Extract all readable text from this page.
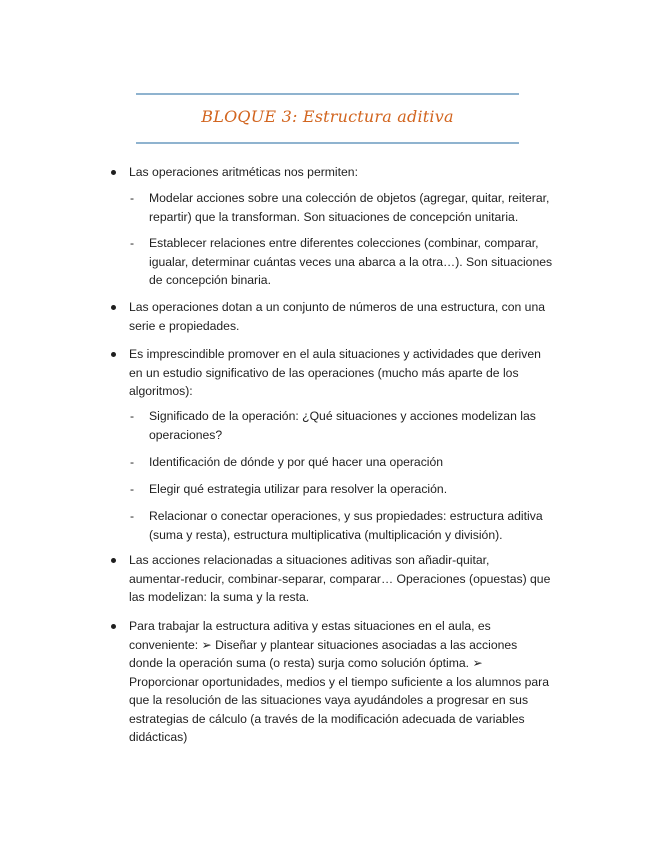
BLOQUE 3: Estructura aditiva
Las operaciones aritméticas nos permiten:
- Modelar acciones sobre una colección de objetos (agregar, quitar, reiterar,
repartir) que la transforman. Son situaciones de concepción unitaria.
- Establecer relaciones entre diferentes colecciones (combinar, comparar,
igualar, determinar cuántas veces una abarca a la otra…). Son situaciones
de concepción binaria.
Las operaciones dotan a un conjunto de números de una estructura, con una
serie e propiedades.
Es imprescindible promover en el aula situaciones y actividades que deriven
en un estudio significativo de las operaciones (mucho más aparte de los
algoritmos):
- Significado de la operación: ¿Qué situaciones y acciones modelizan las
operaciones?
- Identificación de dónde y por qué hacer una operación
- Elegir qué estrategia utilizar para resolver la operación.
- Relacionar o conectar operaciones, y sus propiedades: estructura aditiva
(suma y resta), estructura multiplicativa (multiplicación y división).
Las acciones relacionadas a situaciones aditivas son añadir-quitar,
aumentar-reducir, combinar-separar, comparar… Operaciones (opuestas) que
las modelizan: la suma y la resta.
Para trabajar la estructura aditiva y estas situaciones en el aula, es
conveniente: ➢ Diseñar y plantear situaciones asociadas a las acciones
donde la operación suma (o resta) surja como solución óptima. ➢
Proporcionar oportunidades, medios y el tiempo suficiente a los alumnos para
que la resolución de las situaciones vaya ayudándoles a progresar en sus
estrategias de cálculo (a través de la modificación adecuada de variables
didácticas)
